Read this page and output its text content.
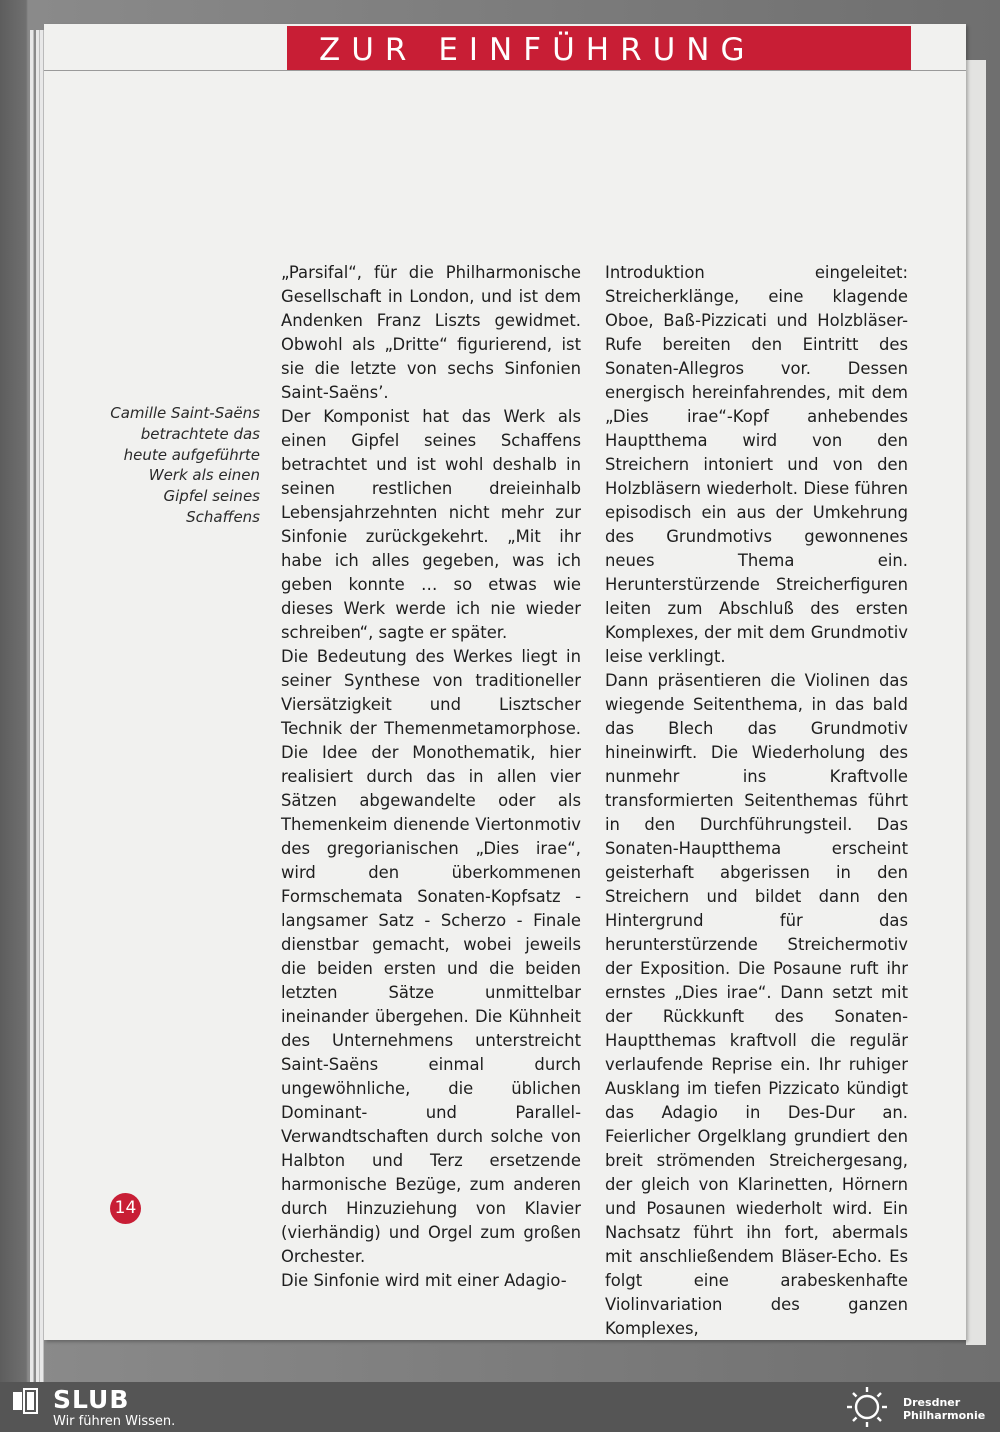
ZUR EINFÜHRUNG
Camille Saint-Saëns betrachtete das heute aufgeführte Werk als einen Gipfel seines Schaffens

„Parsifal“, für die Philharmonische Gesellschaft in London, und ist dem Andenken Franz Liszts gewidmet. Obwohl als „Dritte“ figurierend, ist sie die letzte von sechs Sinfonien Saint-Saëns’.

Der Komponist hat das Werk als einen Gipfel seines Schaffens betrachtet und ist wohl deshalb in seinen restlichen dreieinhalb Lebensjahrzehnten nicht mehr zur Sinfonie zurückgekehrt. „Mit ihr habe ich alles gegeben, was ich geben konnte … so etwas wie dieses Werk werde ich nie wieder schreiben“, sagte er später.

Die Bedeutung des Werkes liegt in seiner Synthese von traditioneller Viersätzigkeit und Lisztscher Technik der Themenmetamorphose. Die Idee der Monothematik, hier realisiert durch das in allen vier Sätzen abgewandelte oder als Themenkeim dienende Viertonmotiv des gregorianischen „Dies irae“, wird den überkommenen Formschemata Sonaten-Kopfsatz - langsamer Satz - Scherzo - Finale dienstbar gemacht, wobei jeweils die beiden ersten und die beiden letzten Sätze unmittelbar ineinander übergehen. Die Kühnheit des Unternehmens unterstreicht Saint-Saëns einmal durch ungewöhnliche, die üblichen Dominant- und Parallel-Verwandtschaften durch solche von Halbton und Terz ersetzende harmonische Bezüge, zum anderen durch Hinzuziehung von Klavier (vierhändig) und Orgel zum großen Orchester.

Die Sinfonie wird mit einer Adagio-

Introduktion eingeleitet: Streicherklänge, eine klagende Oboe, Baß-Pizzicati und Holzbläser-Rufe bereiten den Eintritt des Sonaten-Allegros vor. Dessen energisch hereinfahrendes, mit dem „Dies irae“-Kopf anhebendes Hauptthema wird von den Streichern intoniert und von den Holzbläsern wiederholt. Diese führen episodisch ein aus der Umkehrung des Grundmotivs gewonnenes neues Thema ein. Herunterstürzende Streicherfiguren leiten zum Abschluß des ersten Komplexes, der mit dem Grundmotiv leise verklingt.

Dann präsentieren die Violinen das wiegende Seitenthema, in das bald das Blech das Grundmotiv hineinwirft. Die Wiederholung des nunmehr ins Kraftvolle transformierten Seitenthemas führt in den Durchführungsteil. Das Sonaten-Hauptthema erscheint geisterhaft abgerissen in den Streichern und bildet dann den Hintergrund für das herunterstürzende Streichermotiv der Exposition. Die Posaune ruft ihr ernstes „Dies irae“. Dann setzt mit der Rückkunft des Sonaten-Hauptthemas kraftvoll die regulär verlaufende Reprise ein. Ihr ruhiger Ausklang im tiefen Pizzicato kündigt das Adagio in Des-Dur an. Feierlicher Orgelklang grundiert den breit strömenden Streichergesang, der gleich von Klarinetten, Hörnern und Posaunen wiederholt wird. Ein Nachsatz führt ihn fort, abermals mit anschließendem Bläser-Echo. Es folgt eine arabeskenhafte Violinvariation des ganzen Komplexes,

14
SLUB
Wir führen Wissen.
Dresdner
Philharmonie
